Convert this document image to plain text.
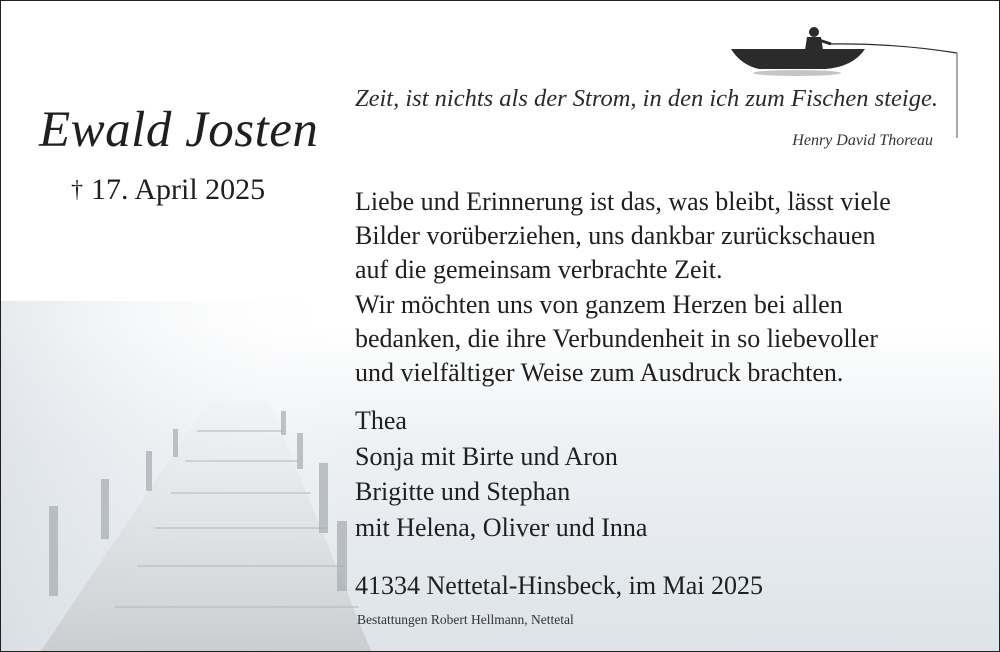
Ewald Josten
† 17. April 2025
Zeit, ist nichts als der Strom, in den ich zum Fischen steige.
Henry David Thoreau
Liebe und Erinnerung ist das, was bleibt, lässt viele
Bilder vorüberziehen, uns dankbar zurückschauen
auf die gemeinsam verbrachte Zeit.
Wir möchten uns von ganzem Herzen bei allen
bedanken, die ihre Verbundenheit in so liebevoller
und vielfältiger Weise zum Ausdruck brachten.
Thea
Sonja mit Birte und Aron
Brigitte und Stephan
mit Helena, Oliver und Inna
41334 Nettetal-Hinsbeck, im Mai 2025
Bestattungen Robert Hellmann, Nettetal
